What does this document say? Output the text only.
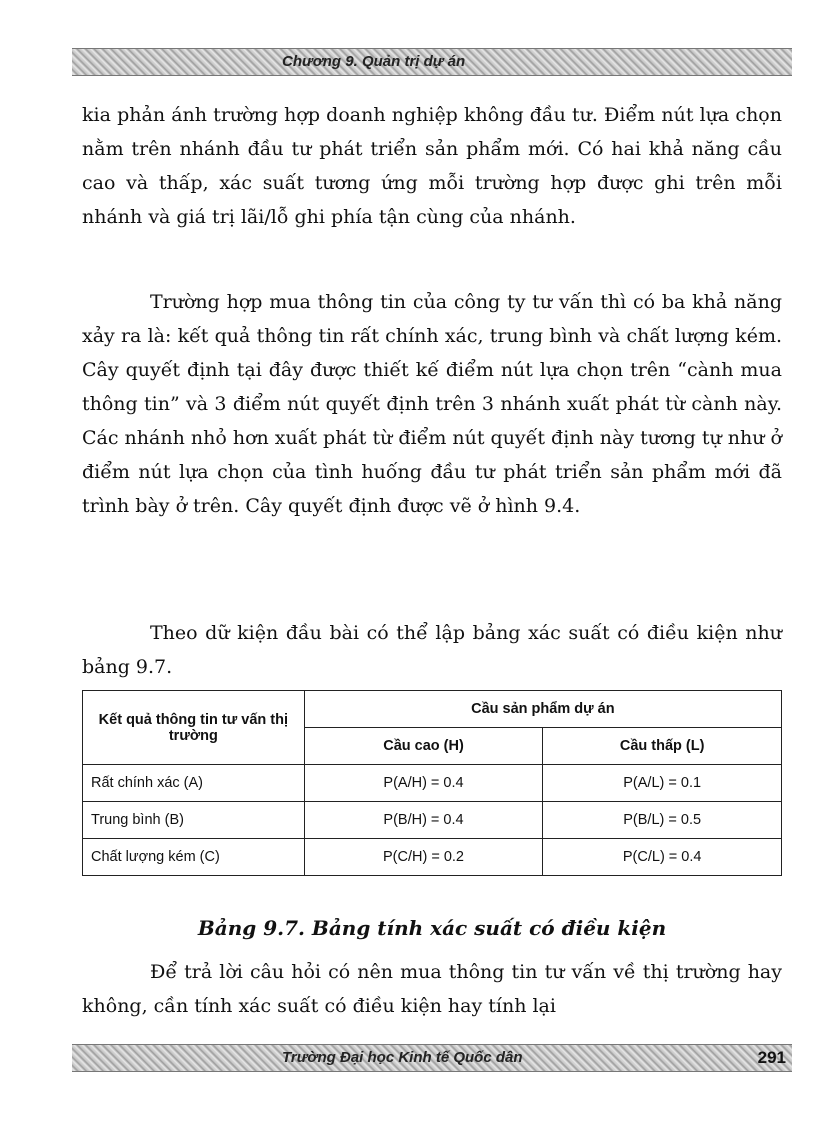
Chương 9. Quản trị dự án

kia phản ánh trường hợp doanh nghiệp không đầu tư. Điểm nút lựa chọn nằm trên nhánh đầu tư phát triển sản phẩm mới. Có hai khả năng cầu cao và thấp, xác suất tương ứng mỗi trường hợp được ghi trên mỗi nhánh và giá trị lãi/lỗ ghi phía tận cùng của nhánh.

Trường hợp mua thông tin của công ty tư vấn thì có ba khả năng xảy ra là: kết quả thông tin rất chính xác, trung bình và chất lượng kém. Cây quyết định tại đây được thiết kế điểm nút lựa chọn trên “cành mua thông tin” và 3 điểm nút quyết định trên 3 nhánh xuất phát từ cành này. Các nhánh nhỏ hơn xuất phát từ điểm nút quyết định này tương tự như ở điểm nút lựa chọn của tình huống đầu tư phát triển sản phẩm mới đã trình bày ở trên. Cây quyết định được vẽ ở hình 9.4.

Theo dữ kiện đầu bài có thể lập bảng xác suất có điều kiện như bảng 9.7.

Kết quả thông tin tư vấn thị trường	Cầu sản phẩm dự án	
	Cầu cao (H)	Cầu thấp (L)
Rất chính xác (A)	P(A/H) = 0.4	P(A/L) = 0.1
Trung bình (B)	P(B/H) = 0.4	P(B/L) = 0.5
Chất lượng kém (C)	P(C/H) = 0.2	P(C/L) = 0.4

Bảng 9.7. Bảng tính xác suất có điều kiện

Để trả lời câu hỏi có nên mua thông tin tư vấn về thị trường hay không, cần tính xác suất có điều kiện hay tính lại

Trường Đại học Kinh tế Quốc dân	291
